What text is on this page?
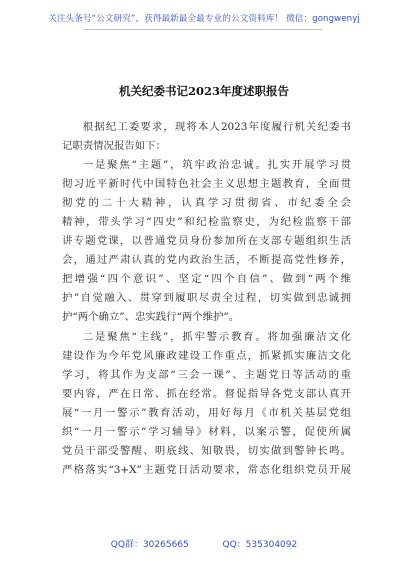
关注头条号“公文研究”，获得最新最全最专业的公文资料库！ 微信：gongwenyj
机关纪委书记2023年度述职报告
根据纪工委要求，现将本人2023年度履行机关纪委书
记职责情况报告如下：
一是聚焦“主题”，筑牢政治忠诚。扎实开展学习贯
彻习近平新时代中国特色社会主义思想主题教育，全面贯
彻党的二十大精神，认真学习贯彻省、市纪委全会
精神，带头学习“四史”和纪检监察史，为纪检监察干部
讲专题党课，以普通党员身份参加所在支部专题组织生活
会，通过严肃认真的党内政治生活，不断提高党性修养，
把增强“四个意识”、坚定“四个自信”、做到“两个维
护”自觉融入、贯穿到履职尽责全过程，切实做到忠诚拥
护“两个确立”、忠实践行“两个维护”。
二是聚焦“主线”，抓牢警示教育。将加强廉洁文化
建设作为今年党风廉政建设工作重点，抓紧抓实廉洁文化
学习，将其作为支部“三会一课”、主题党日等活动的重
要内容，严在日常、抓在经常。督促指导各党支部认真开
展“一月一警示”教育活动，用好每月《市机关基层党组
织“一月一警示”学习辅导》材料，以案示警，促使所属
党员干部受警醒、明底线、知敬畏，切实做到警钟长鸣。
严格落实“3+X”主题党日活动要求，常态化组织党员开展
QQ群：30265665	QQ：535304092
